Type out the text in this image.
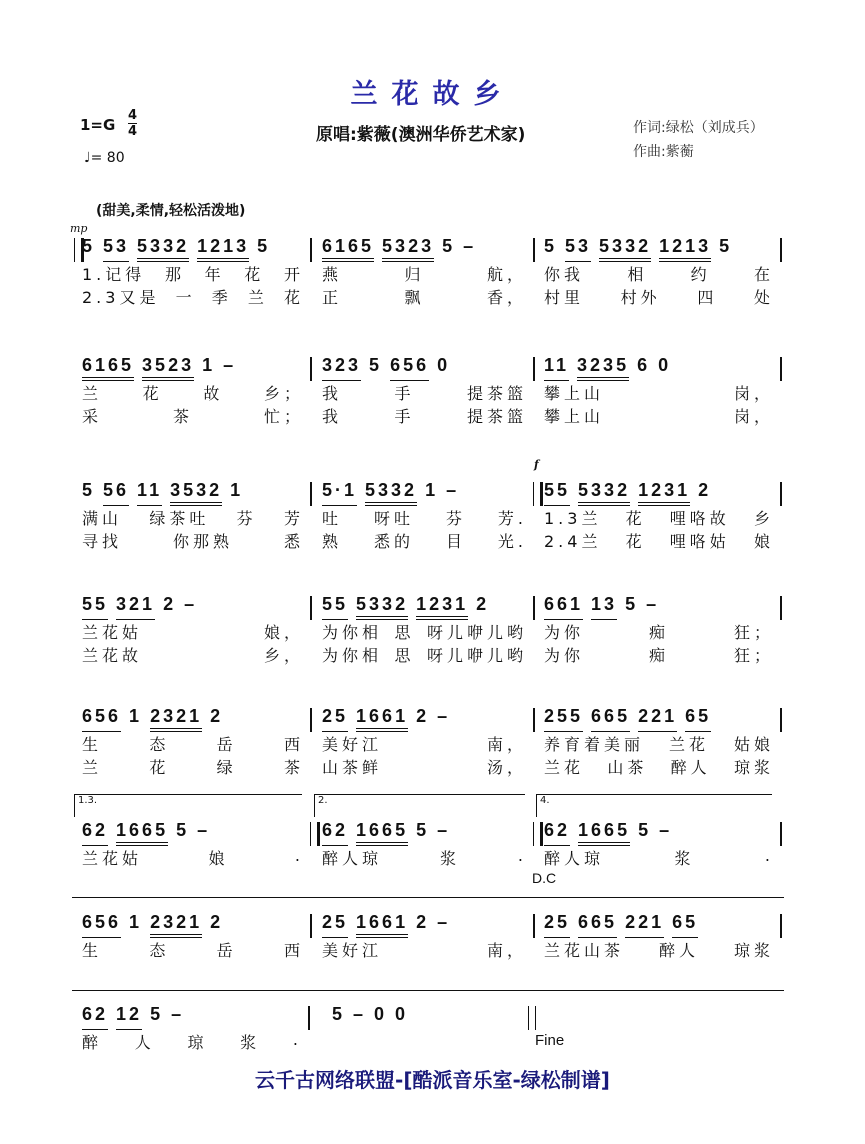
兰花故乡
1=G
4
4
♩= 80
原唱:紫薇(澳洲华侨艺术家)	作词:绿松（刘成兵）
作曲:紫蘅
(甜美,柔情,轻松活泼地)
mp
f
5 53 5332 1213 5
1.记得 那 年 花 开
2.3又是 一 季 兰 花
6165 5323 5 –
燕	归	航，
正	飘	香，
5 53 5332 1213 5
你我	相	约	在
村里 村外 四 处
6165 3523 1 –
兰	花	故	乡；
采	茶	忙；
323 5 656 0
我	手	提茶篮
我	手	提茶篮
11 3235 6 0
攀上山	岗，
攀上山	岗，
5 56 11 3532 1
满山 绿茶吐 芬 芳
寻找	你那熟	悉
5·1 5332 1 –
吐 呀吐 芬 芳.
熟 悉的 目 光.
55 5332 1231 2
1.3兰 花 哩咯故 乡
2.4兰 花 哩咯姑 娘
55 321 2 –
兰花姑	娘，
兰花故	乡，
55 5332 1231 2
为你相 思 呀儿咿儿哟
为你相 思 呀儿咿儿哟
661 13 5 –
为你	痴	狂；
为你	痴	狂；
656 1 2321 2
生	态	岳	西
兰	花	绿	茶
25 1661 2 –
美好江	南，
山茶鲜	汤，
255 665 221 65
养育着美丽 兰花 姑娘
兰花 山茶 醉人 琼浆
1.3.
62 1665 5 –
兰花姑	娘	.
2.
62 1665 5 –
醉人琼	浆	.
4.
62 1665 5 –
醉人琼	浆	.
656 1 2321 2
生	态	岳	西
25 1661 2 –
美好江	南，
25 665 221 65
兰花山茶 醉人 琼浆
62 12 5 –
醉 人 琼 浆 .
5 – 0 0
D.C
Fine
云千古网络联盟-[酷派音乐室-绿松制谱]
